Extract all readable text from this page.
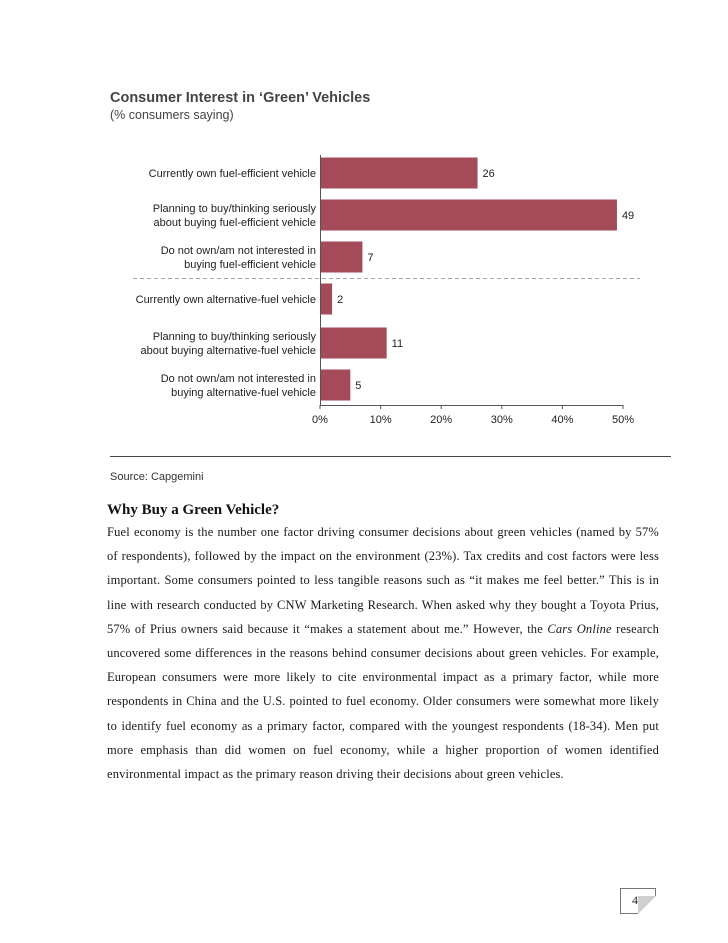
Consumer Interest in ‘Green’ Vehicles
(% consumers saying)
Currently own fuel-efficient vehicle
Planning to buy/thinking seriously about buying fuel-efficient vehicle
Do not own/am not interested in buying fuel-efficient vehicle
Currently own alternative-fuel vehicle
Planning to buy/thinking seriously about buying alternative-fuel vehicle
Do not own/am not interested in buying alternative-fuel vehicle
26
49
7
2
11
5
0%	10%	20%	30%	40%	50%
Source: Capgemini
Why Buy a Green Vehicle?

Fuel economy is the number one factor driving consumer decisions about green vehicles (named by 57% of respondents), followed by the impact on the environment (23%). Tax credits and cost factors were less important. Some consumers pointed to less tangible reasons such as “it makes me feel better.” This is in line with research conducted by CNW Marketing Research. When asked why they bought a Toyota Prius, 57% of Prius owners said because it “makes a statement about me.” However, the Cars Online research uncovered some differences in the reasons behind consumer decisions about green vehicles. For example, European consumers were more likely to cite environmental impact as a primary factor, while more respondents in China and the U.S. pointed to fuel economy. Older consumers were somewhat more likely to identify fuel economy as a primary factor, compared with the youngest respondents (18-34). Men put more emphasis than did women on fuel economy, while a higher proportion of women identified environmental impact as the primary reason driving their decisions about green vehicles.

40
